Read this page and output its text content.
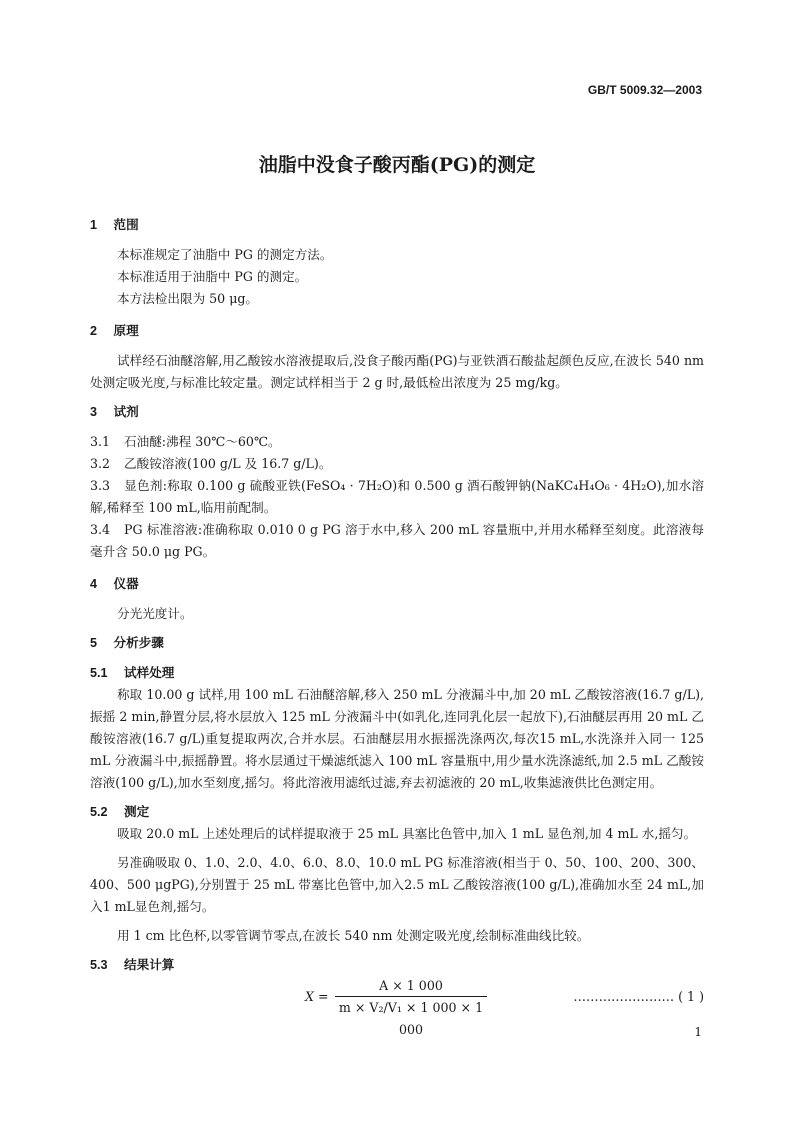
GB/T 5009.32—2003
油脂中没食子酸丙酯(PG)的测定
1 范围
本标准规定了油脂中 PG 的测定方法。
本标准适用于油脂中 PG 的测定。
本方法检出限为 50 μg。
2 原理
试样经石油醚溶解,用乙酸铵水溶液提取后,没食子酸丙酯(PG)与亚铁酒石酸盐起颜色反应,在波长 540 nm 处测定吸光度,与标准比较定量。测定试样相当于 2 g 时,最低检出浓度为 25 mg/kg。
3 试剂
3.1 石油醚:沸程 30℃～60℃。
3.2 乙酸铵溶液(100 g/L 及 16.7 g/L)。
3.3 显色剂:称取 0.100 g 硫酸亚铁(FeSO₄ · 7H₂O)和 0.500 g 酒石酸钾钠(NaKC₄H₄O₆ · 4H₂O),加水溶解,稀释至 100 mL,临用前配制。
3.4 PG 标准溶液:准确称取 0.010 0 g PG 溶于水中,移入 200 mL 容量瓶中,并用水稀释至刻度。此溶液每毫升含 50.0 μg PG。
4 仪器
分光光度计。
5 分析步骤
5.1 试样处理
称取 10.00 g 试样,用 100 mL 石油醚溶解,移入 250 mL 分液漏斗中,加 20 mL 乙酸铵溶液(16.7 g/L),振摇 2 min,静置分层,将水层放入 125 mL 分液漏斗中(如乳化,连同乳化层一起放下),石油醚层再用 20 mL 乙酸铵溶液(16.7 g/L)重复提取两次,合并水层。石油醚层用水振摇洗涤两次,每次15 mL,水洗涤并入同一 125 mL 分液漏斗中,振摇静置。将水层通过干燥滤纸滤入 100 mL 容量瓶中,用少量水洗涤滤纸,加 2.5 mL 乙酸铵溶液(100 g/L),加水至刻度,摇匀。将此溶液用滤纸过滤,弃去初滤液的 20 mL,收集滤液供比色测定用。
5.2 测定
吸取 20.0 mL 上述处理后的试样提取液于 25 mL 具塞比色管中,加入 1 mL 显色剂,加 4 mL 水,摇匀。
另准确吸取 0、1.0、2.0、4.0、6.0、8.0、10.0 mL PG 标准溶液(相当于 0、50、100、200、300、400、500 μgPG),分别置于 25 mL 带塞比色管中,加入2.5 mL 乙酸铵溶液(100 g/L),准确加水至 24 mL,加入1 mL显色剂,摇匀。
用 1 cm 比色杯,以零管调节零点,在波长 540 nm 处测定吸光度,绘制标准曲线比较。
5.3 结果计算
$X = \frac{A \times 1 000}{\text{m × V₂/V₁ × 1 000 × 1 000}}$	…………………… ( 1 )
1
